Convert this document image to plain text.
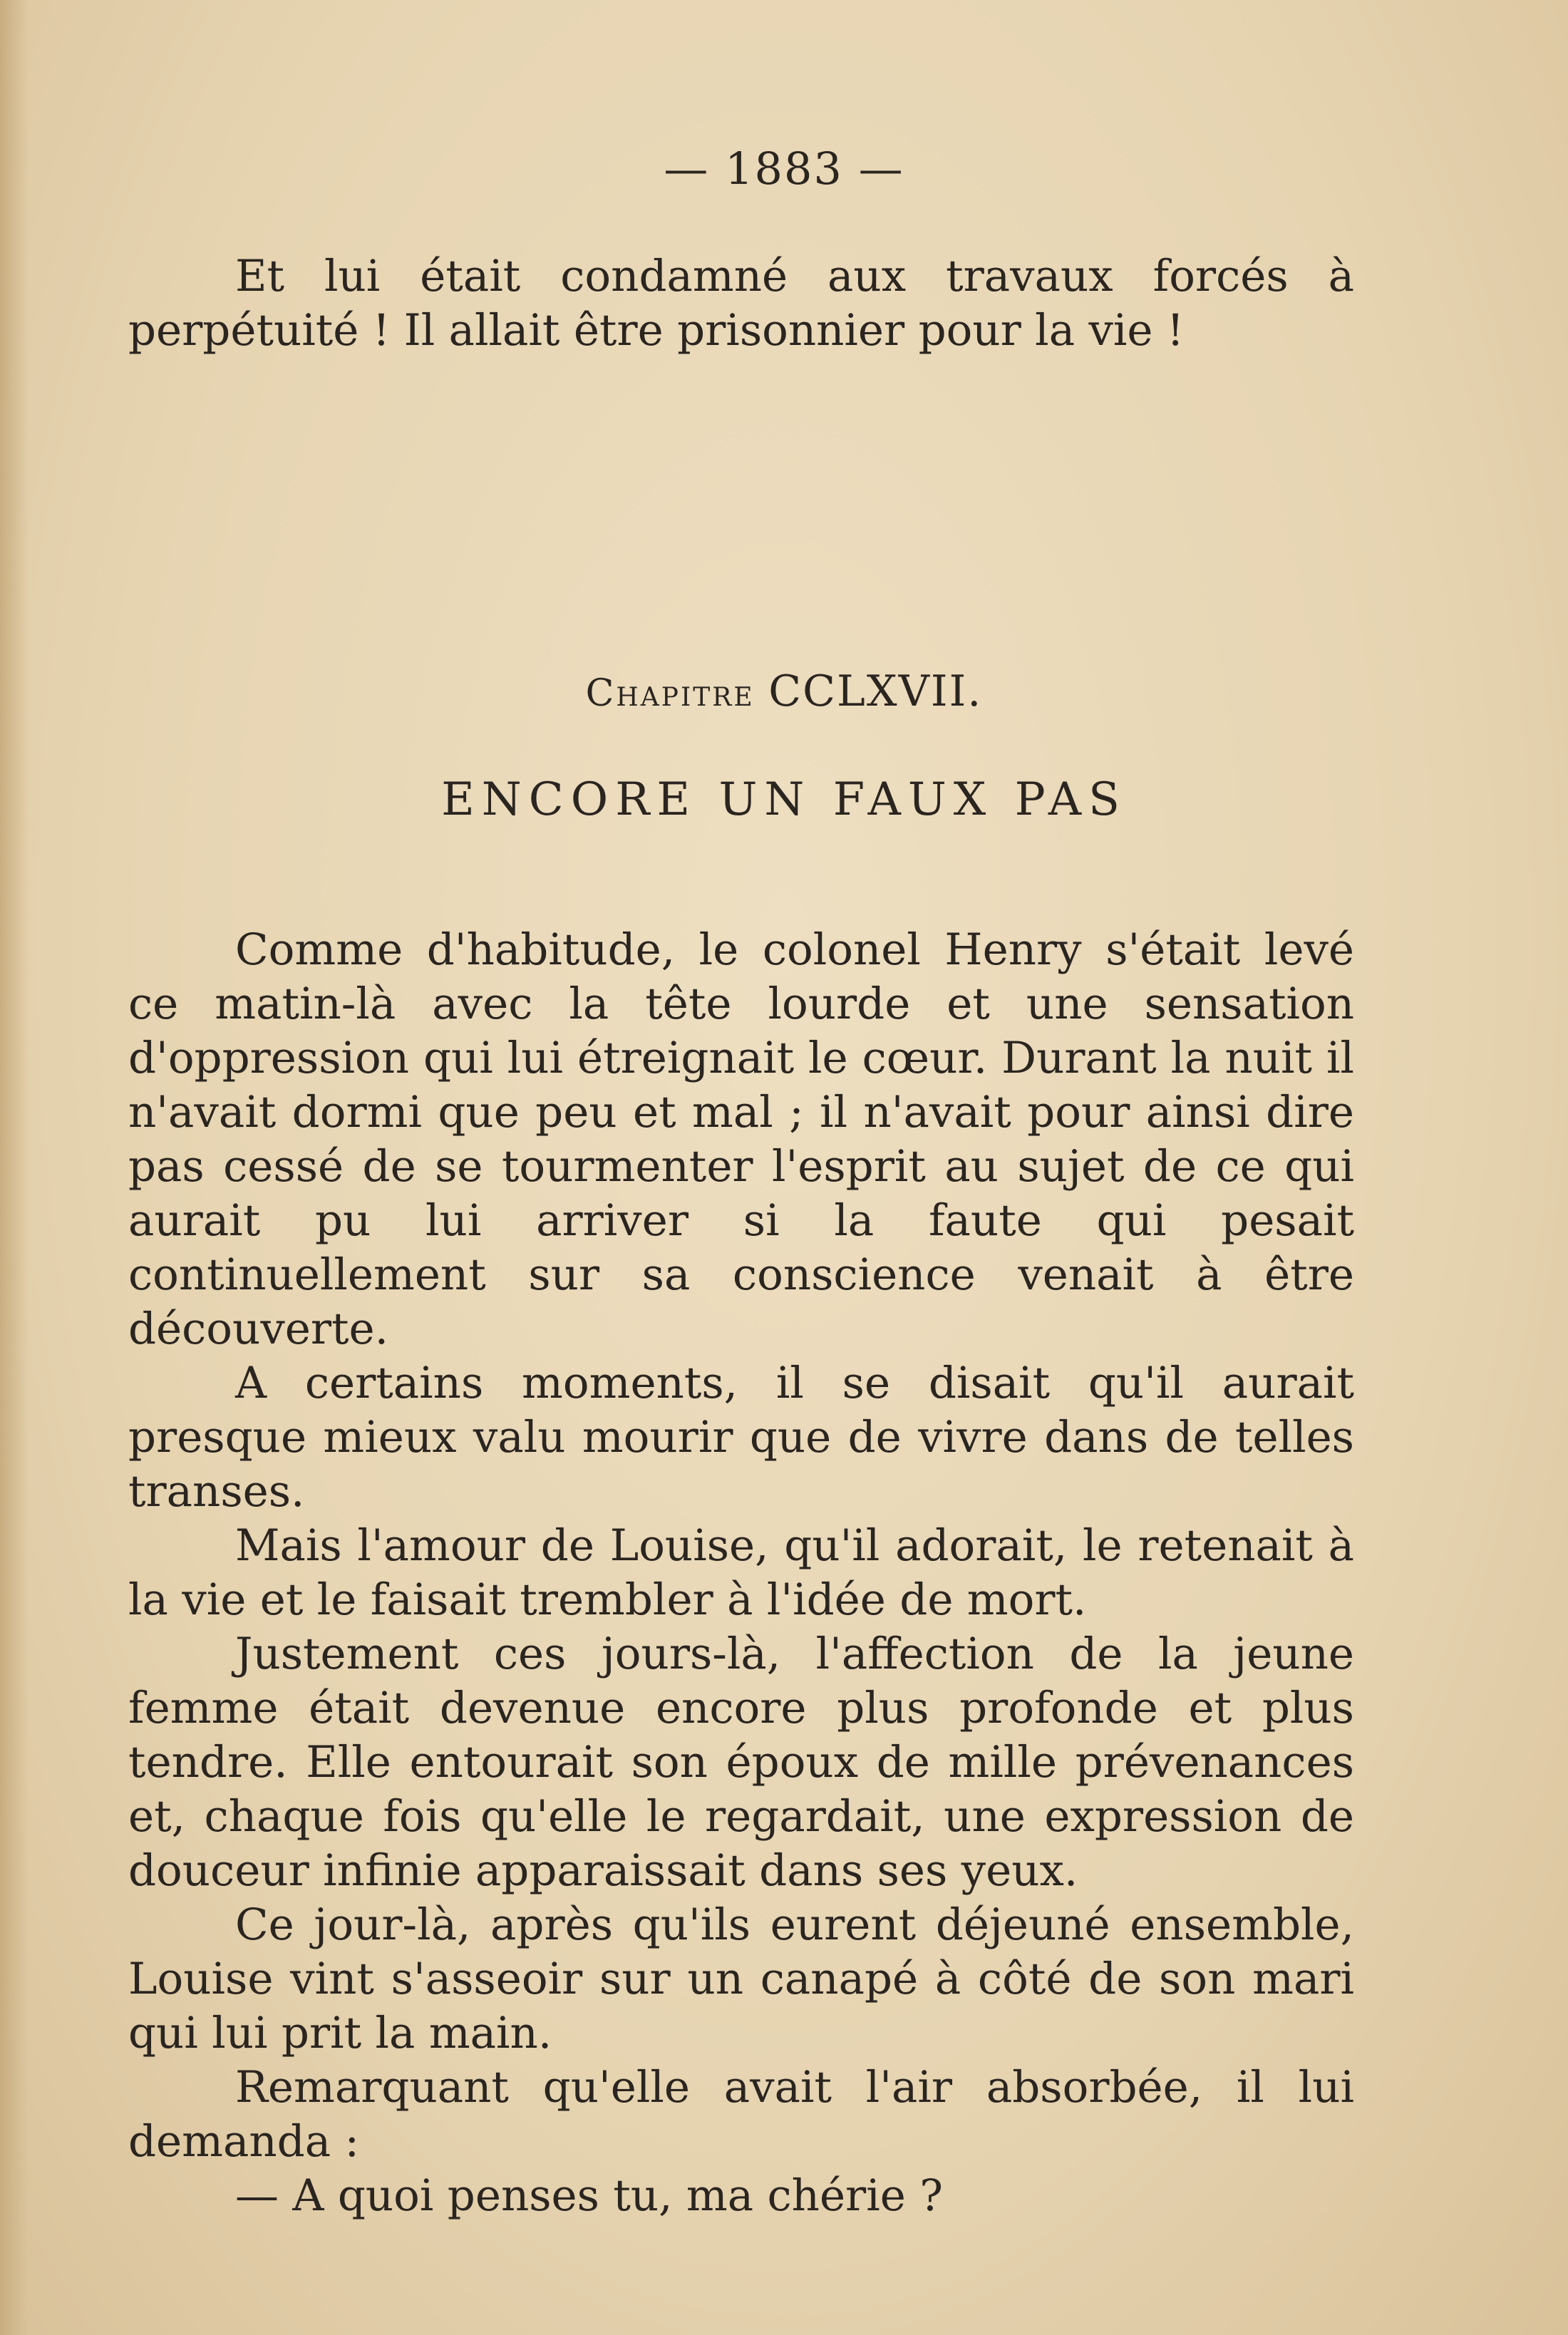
— 1883 —

Et lui était condamné aux travaux forcés à perpétuité ! Il allait être prisonnier pour la vie !

Chapitre CCLXVII.
ENCORE UN FAUX PAS

Comme d'habitude, le colonel Henry s'était levé ce matin-là avec la tête lourde et une sensation d'oppression qui lui étreignait le cœur. Durant la nuit il n'avait dormi que peu et mal ; il n'avait pour ainsi dire pas cessé de se tourmenter l'esprit au sujet de ce qui aurait pu lui arriver si la faute qui pesait continuellement sur sa conscience venait à être découverte.

A certains moments, il se disait qu'il aurait presque mieux valu mourir que de vivre dans de telles transes.

Mais l'amour de Louise, qu'il adorait, le retenait à la vie et le faisait trembler à l'idée de mort.

Justement ces jours-là, l'affection de la jeune femme était devenue encore plus profonde et plus tendre. Elle entourait son époux de mille prévenances et, chaque fois qu'elle le regardait, une expression de douceur infinie apparaissait dans ses yeux.

Ce jour-là, après qu'ils eurent déjeuné ensemble, Louise vint s'asseoir sur un canapé à côté de son mari qui lui prit la main.

Remarquant qu'elle avait l'air absorbée, il lui demanda :

— A quoi penses tu, ma chérie ?
